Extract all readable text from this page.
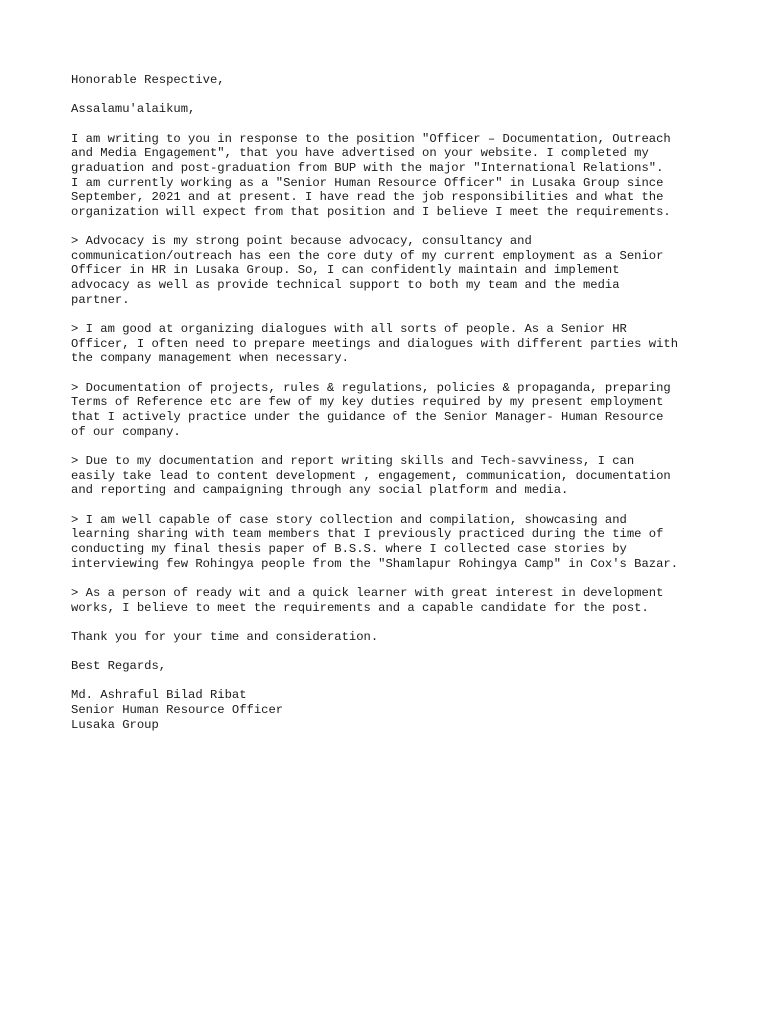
Honorable Respective,

Assalamu'alaikum,

I am writing to you in response to the position "Officer – Documentation, Outreach
and Media Engagement", that you have advertised on your website. I completed my
graduation and post-graduation from BUP with the major "International Relations".
I am currently working as a "Senior Human Resource Officer" in Lusaka Group since
September, 2021 and at present. I have read the job responsibilities and what the
organization will expect from that position and I believe I meet the requirements.

> Advocacy is my strong point because advocacy, consultancy and
communication/outreach has een the core duty of my current employment as a Senior
Officer in HR in Lusaka Group. So, I can confidently maintain and implement
advocacy as well as provide technical support to both my team and the media
partner.

> I am good at organizing dialogues with all sorts of people. As a Senior HR
Officer, I often need to prepare meetings and dialogues with different parties with
the company management when necessary.

> Documentation of projects, rules & regulations, policies & propaganda, preparing
Terms of Reference etc are few of my key duties required by my present employment
that I actively practice under the guidance of the Senior Manager- Human Resource
of our company.

> Due to my documentation and report writing skills and Tech-savviness, I can
easily take lead to content development , engagement, communication, documentation
and reporting and campaigning through any social platform and media.

> I am well capable of case story collection and compilation, showcasing and
learning sharing with team members that I previously practiced during the time of
conducting my final thesis paper of B.S.S. where I collected case stories by
interviewing few Rohingya people from the "Shamlapur Rohingya Camp" in Cox's Bazar.

> As a person of ready wit and a quick learner with great interest in development
works, I believe to meet the requirements and a capable candidate for the post.

Thank you for your time and consideration.

Best Regards,

Md. Ashraful Bilad Ribat
Senior Human Resource Officer
Lusaka Group
